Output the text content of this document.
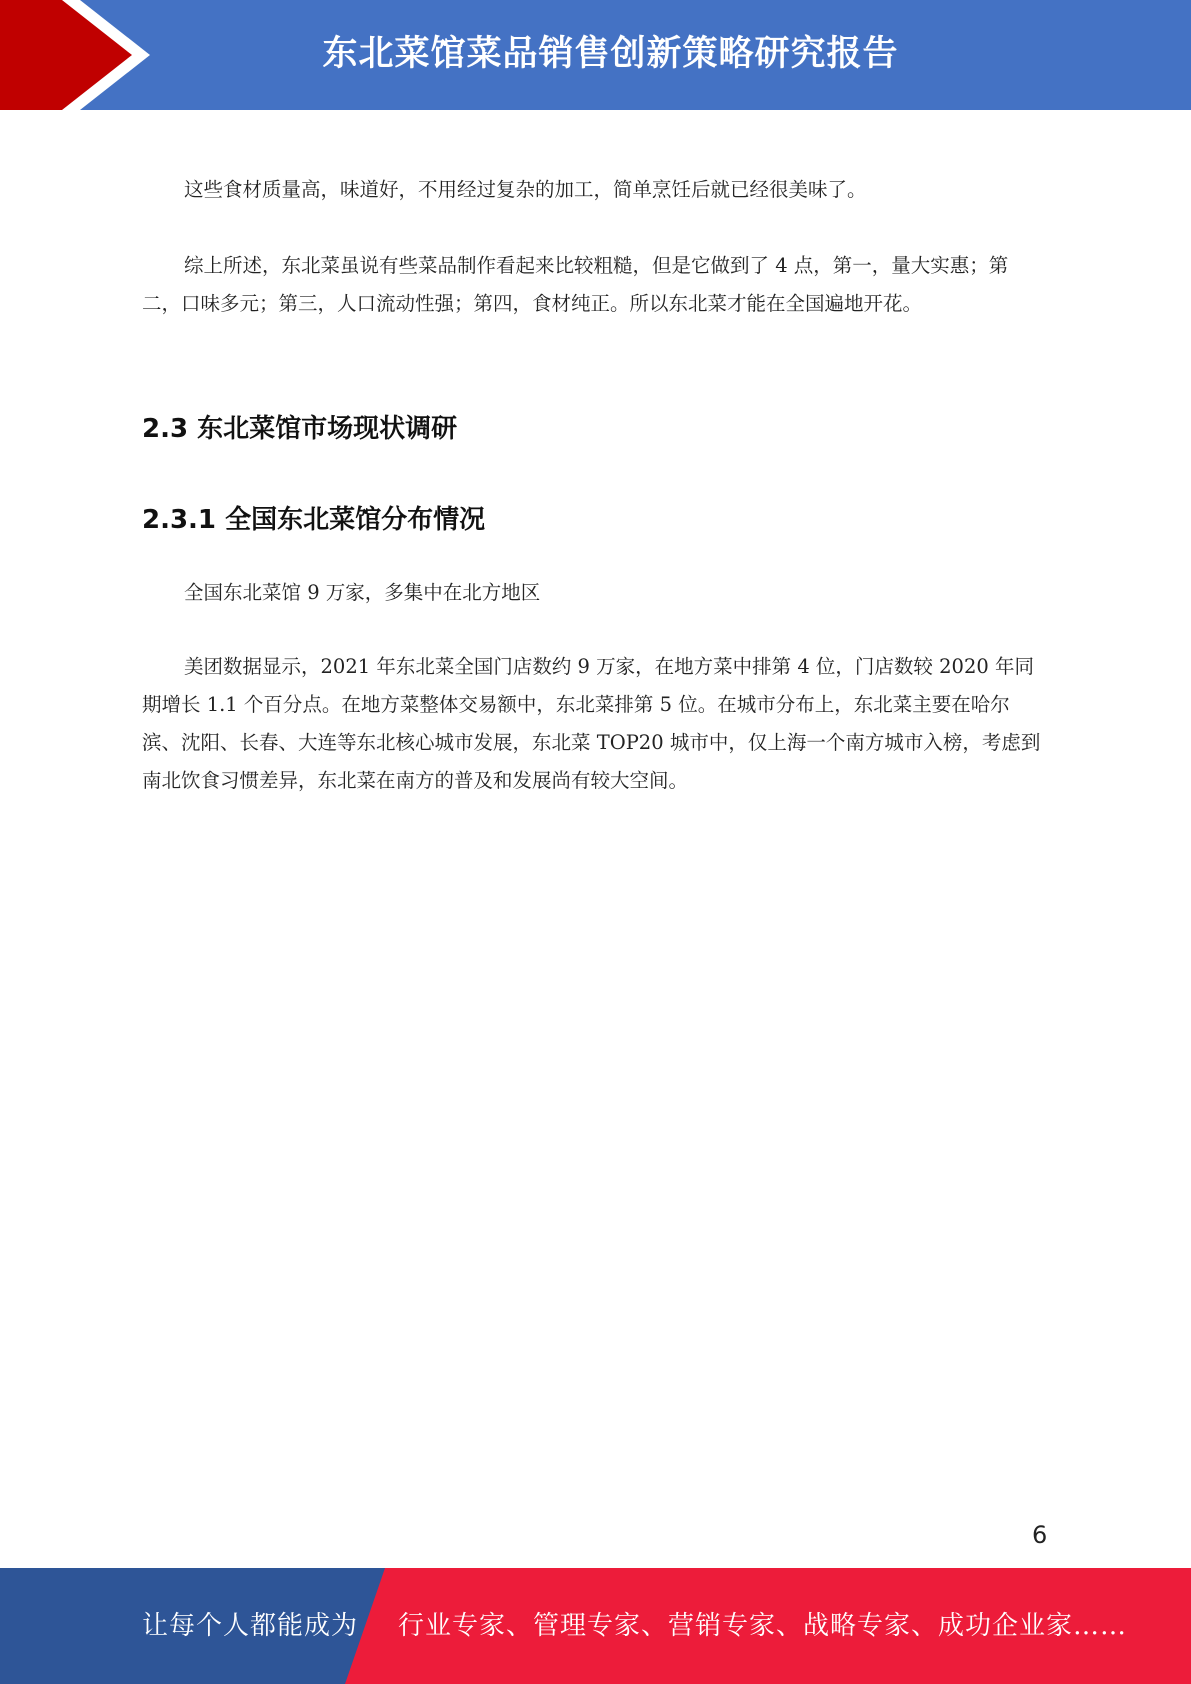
东北菜馆菜品销售创新策略研究报告

这些食材质量高，味道好，不用经过复杂的加工，简单烹饪后就已经很美味了。

综上所述，东北菜虽说有些菜品制作看起来比较粗糙，但是它做到了 4 点，第一，量大实惠；第二，口味多元；第三，人口流动性强；第四，食材纯正。所以东北菜才能在全国遍地开花。

2.3 东北菜馆市场现状调研
2.3.1 全国东北菜馆分布情况

全国东北菜馆 9 万家，多集中在北方地区

美团数据显示，2021 年东北菜全国门店数约 9 万家，在地方菜中排第 4 位，门店数较 2020 年同期增长 1.1 个百分点。在地方菜整体交易额中，东北菜排第 5 位。在城市分布上，东北菜主要在哈尔滨、沈阳、长春、大连等东北核心城市发展，东北菜 TOP20 城市中，仅上海一个南方城市入榜，考虑到南北饮食习惯差异，东北菜在南方的普及和发展尚有较大空间。

6
让每个人都能成为 行业专家、管理专家、营销专家、战略专家、成功企业家……
